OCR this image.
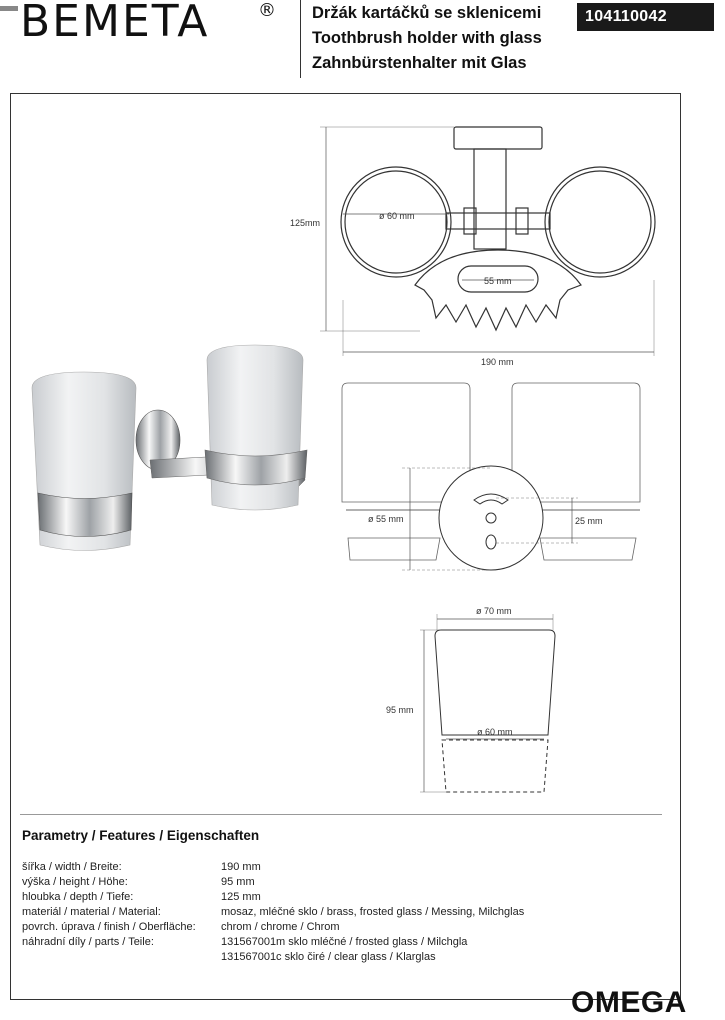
BEMETA	® Držák kartáčků se sklenicemi
Toothbrush holder with glass
Zahnbürstenhalter mit Glas
104110042
125mm
ø 60 mm
55 mm
190 mm
ø 55 mm	25 mm
ø 70 mm
95 mm
ø 60 mm
Parametry / Features / Eigenschaften
šířka / width / Breite:	190 mm
výška / height / Höhe:	95 mm
hloubka / depth / Tiefe:	125 mm
materiál / material / Material:	mosaz, mléčné sklo / brass, frosted glass / Messing, Milchglas
povrch. úprava / finish / Oberfläche:	chrom / chrome / Chrom
náhradní díly / parts / Teile:	131567001m sklo mléčné / frosted glass / Milchgla
131567001c sklo čiré / clear glass / Klarglas
OMEGA
